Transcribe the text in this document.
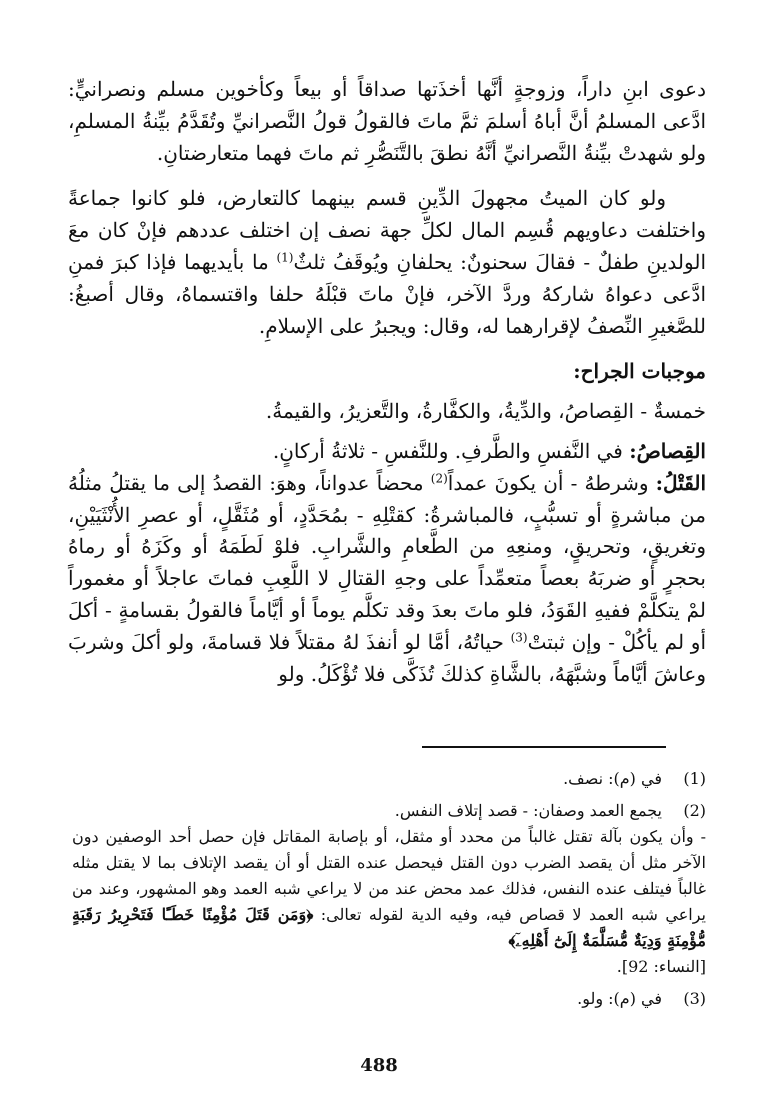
دعوى ابنِ داراً، وزوجةٍ أنَّها أخذَتها صداقاً أو بيعاً وكأخوين مسلم ونصرانيٍّ: ادَّعى المسلمُ أنَّ أباهُ أسلمَ ثمَّ ماتَ فالقولُ قولُ النَّصرانيِّ وتُقَدَّمُ بيِّنةُ المسلمِ، ولو شهدتْ بيِّنةُ النَّصرانيِّ أنَّهُ نطقَ بالتَّنَصُّرِ ثم ماتَ فهما متعارضتانِ.

ولو كان الميتُ مجهولَ الدِّينِ قسم بينهما كالتعارض، فلو كانوا جماعةً واختلفت دعاويهم قُسِم المال لكلِّ جهة نصف إن اختلف عددهم فإنْ كان معَ الولدينِ طفلٌ - فقالَ سحنونٌ: يحلفانِ ويُوقَفُ ثلثٌ$^{(1)}$ ما بأيديهما فإذا كبرَ فمنِ ادَّعى دعواهُ شاركهُ وردَّ الآخر، فإنْ ماتَ قبْلَهُ حلفا واقتسماهُ، وقال أصبغُ: للصَّغيرِ النِّصفُ لإقرارهما له، وقال: ويجبرُ على الإسلامِ.

موجبات الجراح:

خمسةٌ - القِصاصُ، والدِّيةُ، والكفَّارةُ، والتَّعزيرُ، والقيمةُ.

القِصاصُ: في النَّفسِ والطَّرفِ. وللنَّفسِ - ثلاثةُ أركانٍ.

القَتْلُ: وشرطهُ - أن يكونَ عمداً$^{(2)}$ محضاً عدواناً، وهوَ: القصدُ إلى ما يقتلُ مثلُهُ من مباشرةٍ أو تسبُّبٍ، فالمباشرةُ: كقتْلِهِ - بمُحَدَّدٍ، أو مُثَقَّلٍ، أو عصرِ الأُنْثَيَيْنِ، وتغريقٍ، وتحريقٍ، ومنعِهِ من الطَّعامِ والشَّرابِ. فلوْ لَطَمَهُ أو وكَزَهُ أو رماهُ بحجرٍ أو ضربَهُ بعصاً متعمِّداً على وجهِ القتالِ لا اللَّعِبِ فماتَ عاجلاً أو مغموراً لمْ يتكلَّمْ ففيهِ القَوَدُ، فلو ماتَ بعدَ وقد تكلَّم يوماً أو أيَّاماً فالقولُ بقسامةٍ - أكلَ أو لم يأكُلْ - وإن ثبتتْ$^{(3)}$ حياتُهُ، أمَّا لو أنفذَ لهُ مقتلاً فلا قسامةَ، ولو أكلَ وشربَ وعاشَ أيَّاماً وشبَّهَهُ، بالشَّاةِ كذلكَ تُذَكَّى فلا تُؤْكَلُ. ولو

(1)

في (م): نصف.

(2)

يجمع العمد وصفان: - قصد إتلاف النفس.

- وأن يكون بآلة تقتل غالباً من محدد أو مثقل، أو بإصابة المقاتل فإن حصل أحد الوصفين دون الآخر مثل أن يقصد الضرب دون القتل فيحصل عنده القتل أو أن يقصد الإتلاف بما لا يقتل مثله غالباً فيتلف عنده النفس، فذلك عمد محض عند من لا يراعي شبه العمد وهو المشهور، وعند من يراعي شبه العمد لا قصاص فيه، وفيه الدية لقوله تعالى: ﴿وَمَن قَتَلَ مُؤْمِنًا خَطَـًٔا فَتَحْرِيرُ رَقَبَةٍ مُّؤْمِنَةٍ وَدِيَةٌ مُّسَلَّمَةٌ إِلَىٰٓ أَهْلِهِۦٓ﴾

[النساء: 92].

(3)

في (م): ولو.

488
